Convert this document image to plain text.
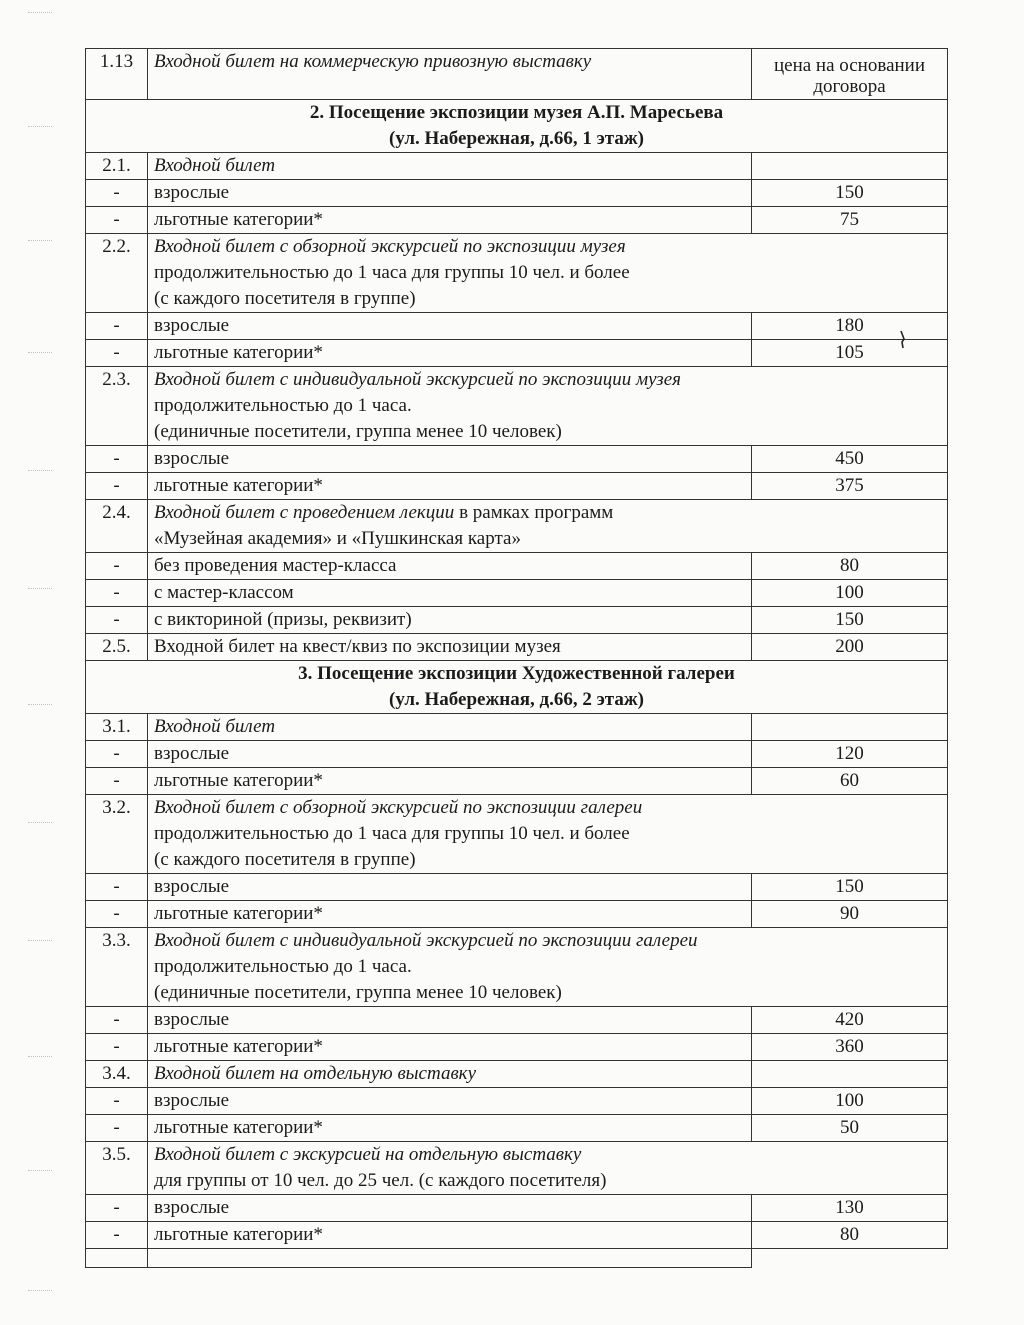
1.13	Входной билет на коммерческую привозную выставку	цена на основании
договора

2. Посещение экспозиции музея А.П. Маресьева
(ул. Набережная, д.66, 1 этаж)		

2.1.	Входной билет	
-	взрослые	150
-	льготные категории*	75
2.2.	Входной билет с обзорной экскурсией по экспозиции музея
продолжительностью до 1 часа для группы 10 чел. и более
(с каждого посетителя в группе)	

-	взрослые	180
-	льготные категории*	105
2.3.	Входной билет с индивидуальной экскурсией по экспозиции музея
продолжительностью до 1 часа.
(единичные посетители, группа менее 10 человек)	

-	взрослые	450
-	льготные категории*	375
2.4.	Входной билет с проведением лекции в рамках программ
«Музейная академия» и «Пушкинская карта»	

-	без проведения мастер-класса	80
-	с мастер-классом	100
-	с викториной (призы, реквизит)	150
2.5.	Входной билет на квест/квиз по экспозиции музея	200

3. Посещение экспозиции Художественной галереи
(ул. Набережная, д.66, 2 этаж)		

3.1.	Входной билет	
-	взрослые	120
-	льготные категории*	60
3.2.	Входной билет с обзорной экскурсией по экспозиции галереи
продолжительностью до 1 часа для группы 10 чел. и более
(с каждого посетителя в группе)	

-	взрослые	150
-	льготные категории*	90
3.3.	Входной билет с индивидуальной экскурсией по экспозиции галереи
продолжительностью до 1 часа.
(единичные посетители, группа менее 10 человек)	

-	взрослые	420
-	льготные категории*	360
3.4.	Входной билет на отдельную выставку	
-	взрослые	100
-	льготные категории*	50
3.5.	Входной билет с экскурсией на отдельную выставку
для группы от 10 чел. до 25 чел. (с каждого посетителя)	

-	взрослые	130
-	льготные категории*	80
